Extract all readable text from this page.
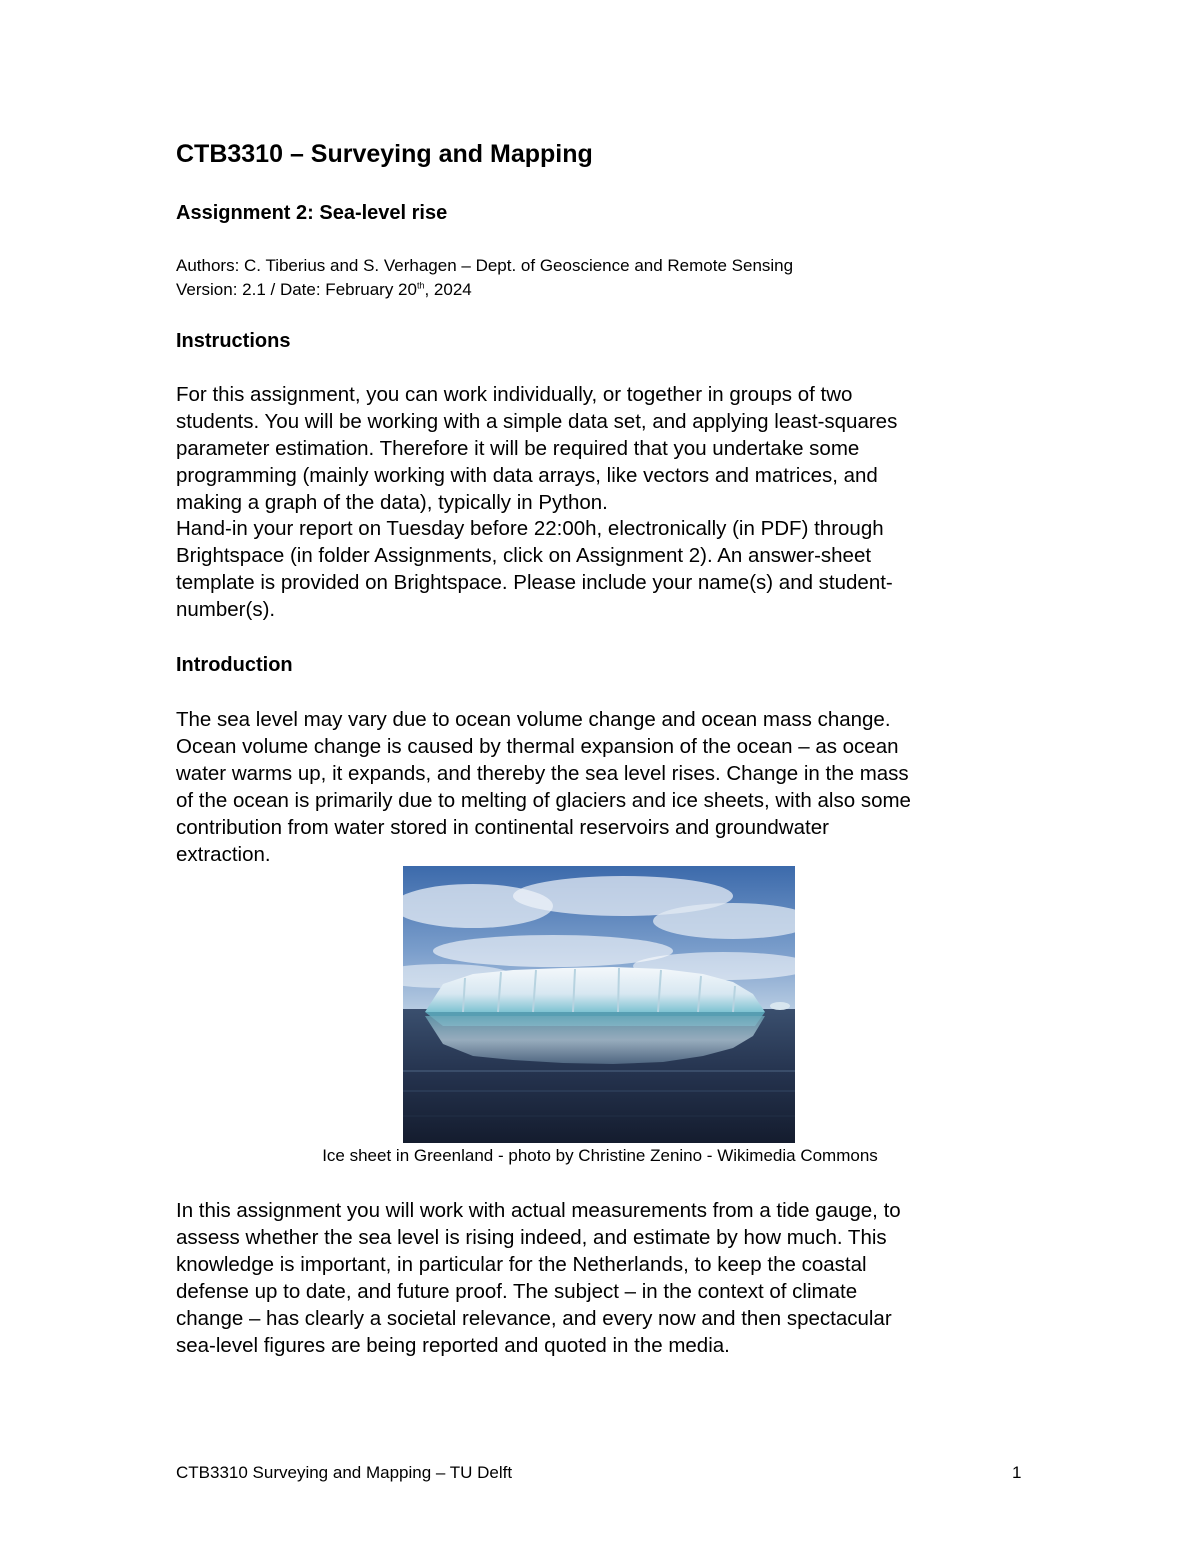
CTB3310 – Surveying and Mapping
Assignment 2: Sea-level rise
Authors: C. Tiberius and S. Verhagen – Dept. of Geoscience and Remote Sensing
Version: 2.1 / Date: February 20th, 2024
Instructions
For this assignment, you can work individually, or together in groups of two
students. You will be working with a simple data set, and applying least-squares
parameter estimation. Therefore it will be required that you undertake some
programming (mainly working with data arrays, like vectors and matrices, and
making a graph of the data), typically in Python.
Hand-in your report on Tuesday before 22:00h, electronically (in PDF) through
Brightspace (in folder Assignments, click on Assignment 2). An answer-sheet
template is provided on Brightspace. Please include your name(s) and student-
number(s).
Introduction
The sea level may vary due to ocean volume change and ocean mass change.
Ocean volume change is caused by thermal expansion of the ocean – as ocean
water warms up, it expands, and thereby the sea level rises. Change in the mass
of the ocean is primarily due to melting of glaciers and ice sheets, with also some
contribution from water stored in continental reservoirs and groundwater
extraction.
In this assignment you will work with actual measurements from a tide gauge, to
assess whether the sea level is rising indeed, and estimate by how much. This
knowledge is important, in particular for the Netherlands, to keep the coastal
defense up to date, and future proof. The subject – in the context of climate
change – has clearly a societal relevance, and every now and then spectacular
sea-level figures are being reported and quoted in the media.
Ice sheet in Greenland - photo by Christine Zenino - Wikimedia Commons
CTB3310 Surveying and Mapping – TU Delft	1
